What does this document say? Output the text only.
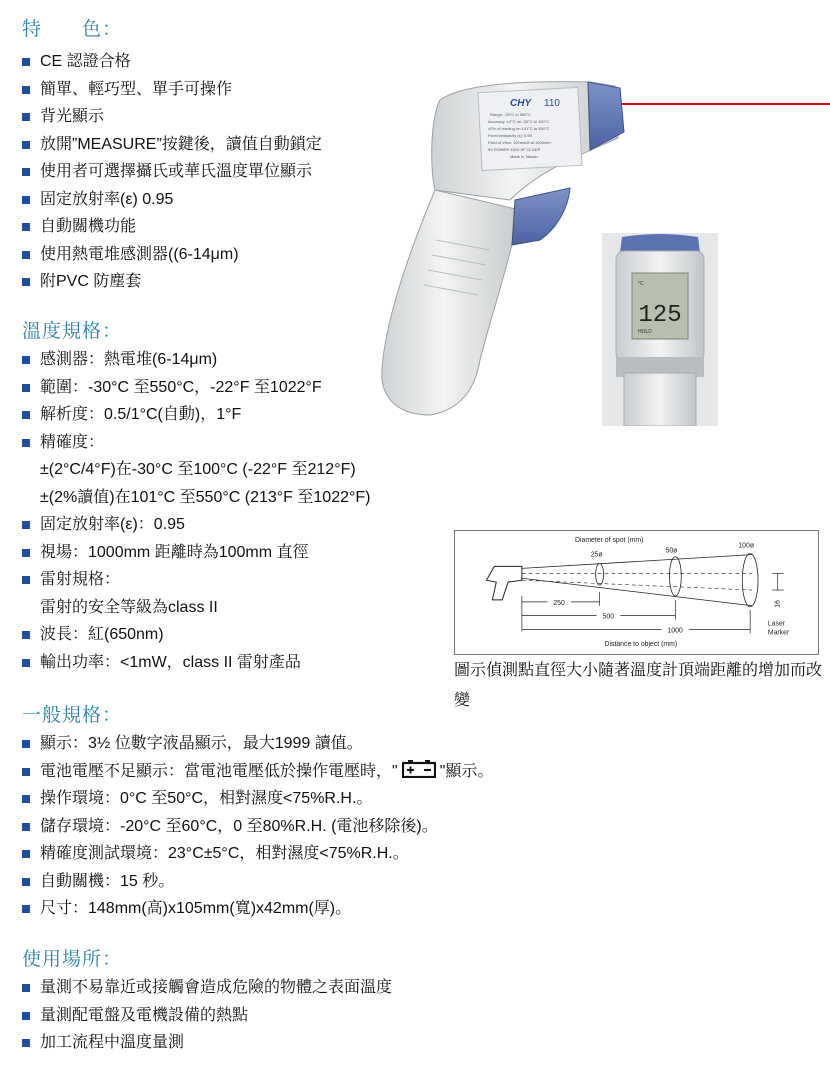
特　　色：
CE 認證合格
簡單、輕巧型、單手可操作
背光顯示
放開”MEASURE”按鍵後，讀值自動鎖定
使用者可選擇攝氏或華氏溫度單位顯示
固定放射率(ε) 0.95
自動關機功能
使用熱電堆感測器((6-14μm)
附PVC 防塵套
溫度規格：
感測器：熱電堆(6-14μm)
範圍：-30°C 至550°C，-22°F 至1022°F
解析度：0.5/1°C(自動)，1°F
精確度：
±(2°C/4°F)在-30°C 至100°C (-22°F 至212°F)
±(2%讀值)在101°C 至550°C (213°F 至1022°F)
固定放射率(ε)：0.95
視場：1000mm 距離時為100mm 直徑
雷射規格：
雷射的安全等級為class II
波長：紅(650nm)
輸出功率：<1mW，class II 雷射產品
一般規格：
顯示：3½ 位數字液晶顯示，最大1999 讀值。
電池電壓不足顯示：當電池電壓低於操作電壓時，"	"顯示。
操作環境：0°C 至50°C，相對濕度<75%R.H.。
儲存環境：-20°C 至60°C，0 至80%R.H. (電池移除後)。
精確度測試環境：23°C±5°C，相對濕度<75%R.H.。
自動關機：15 秒。
尺寸：148mm(高)x105mm(寬)x42mm(厚)。
使用場所：
量測不易靠近或接觸會造成危險的物體之表面溫度
量測配電盤及電機設備的熱點
加工流程中溫度量測
CHY 110
Range: -30°C to 550°C
Accuracy: ±2°C on -30°C to 100°C
±2% of reading on 101°C to 550°C
Fixed emissivity (ε): 0.95
Field of View: 100mmØ at 1000mm
9V POWER 100V 9F 22 DEP
Made in Taiwan
°C
125
HOLD
Diameter of spot (mm)
25ø
50ø
100ø
250
500
1000
Distance to object (mm)
16
Laser
Marker
圖示偵測點直徑大小隨著溫度計頂端距離的增加而改變
